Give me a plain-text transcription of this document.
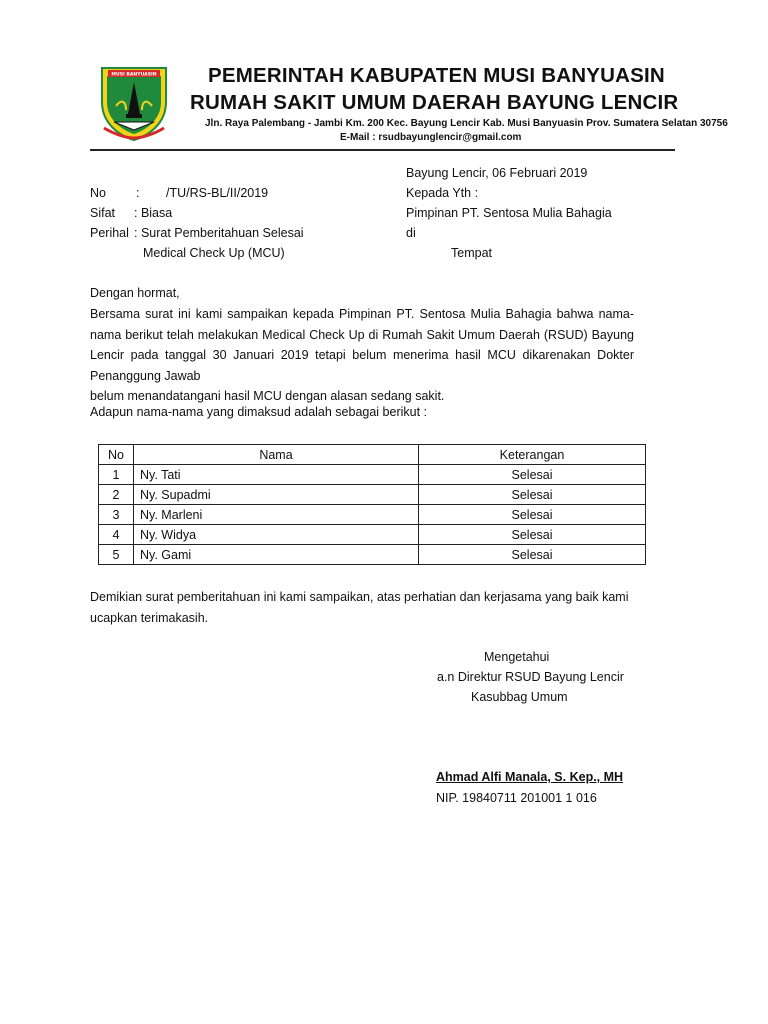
MUSI BANYUASIN	PEMERINTAH KABUPATEN MUSI BANYUASIN
RUMAH SAKIT UMUM DAERAH BAYUNG LENCIR
Jln. Raya Palembang - Jambi Km. 200 Kec. Bayung Lencir Kab. Musi Banyuasin Prov. Sumatera Selatan 30756
E-Mail : rsudbayunglencir@gmail.com
Bayung Lencir, 06 Februari 2019
No : /TU/RS-BL/II/2019	Kepada Yth :
Sifat : Biasa	Pimpinan PT. Sentosa Mulia Bahagia
Perihal : Surat Pemberitahuan Selesai	di
Medical Check Up (MCU)	Tempat
Dengan hormat,
Bersama surat ini kami sampaikan kepada Pimpinan PT. Sentosa Mulia Bahagia bahwa nama-nama berikut telah melakukan Medical Check Up di Rumah Sakit Umum Daerah (RSUD) Bayung Lencir pada tanggal 30 Januari 2019 tetapi belum menerima hasil MCU dikarenakan Dokter Penanggung Jawab
belum menandatangani hasil MCU dengan alasan sedang sakit.
Adapun nama-nama yang dimaksud adalah sebagai berikut :
No	Nama	Keterangan
1	Ny. Tati	Selesai
2	Ny. Supadmi	Selesai
3	Ny. Marleni	Selesai
4	Ny. Widya	Selesai
5	Ny. Gami	Selesai
Demikian surat pemberitahuan ini kami sampaikan, atas perhatian dan kerjasama yang baik kami
ucapkan terimakasih.
Mengetahui
a.n Direktur RSUD Bayung Lencir
Kasubbag Umum
Ahmad Alfi Manala, S. Kep., MH
NIP. 19840711 201001 1 016
